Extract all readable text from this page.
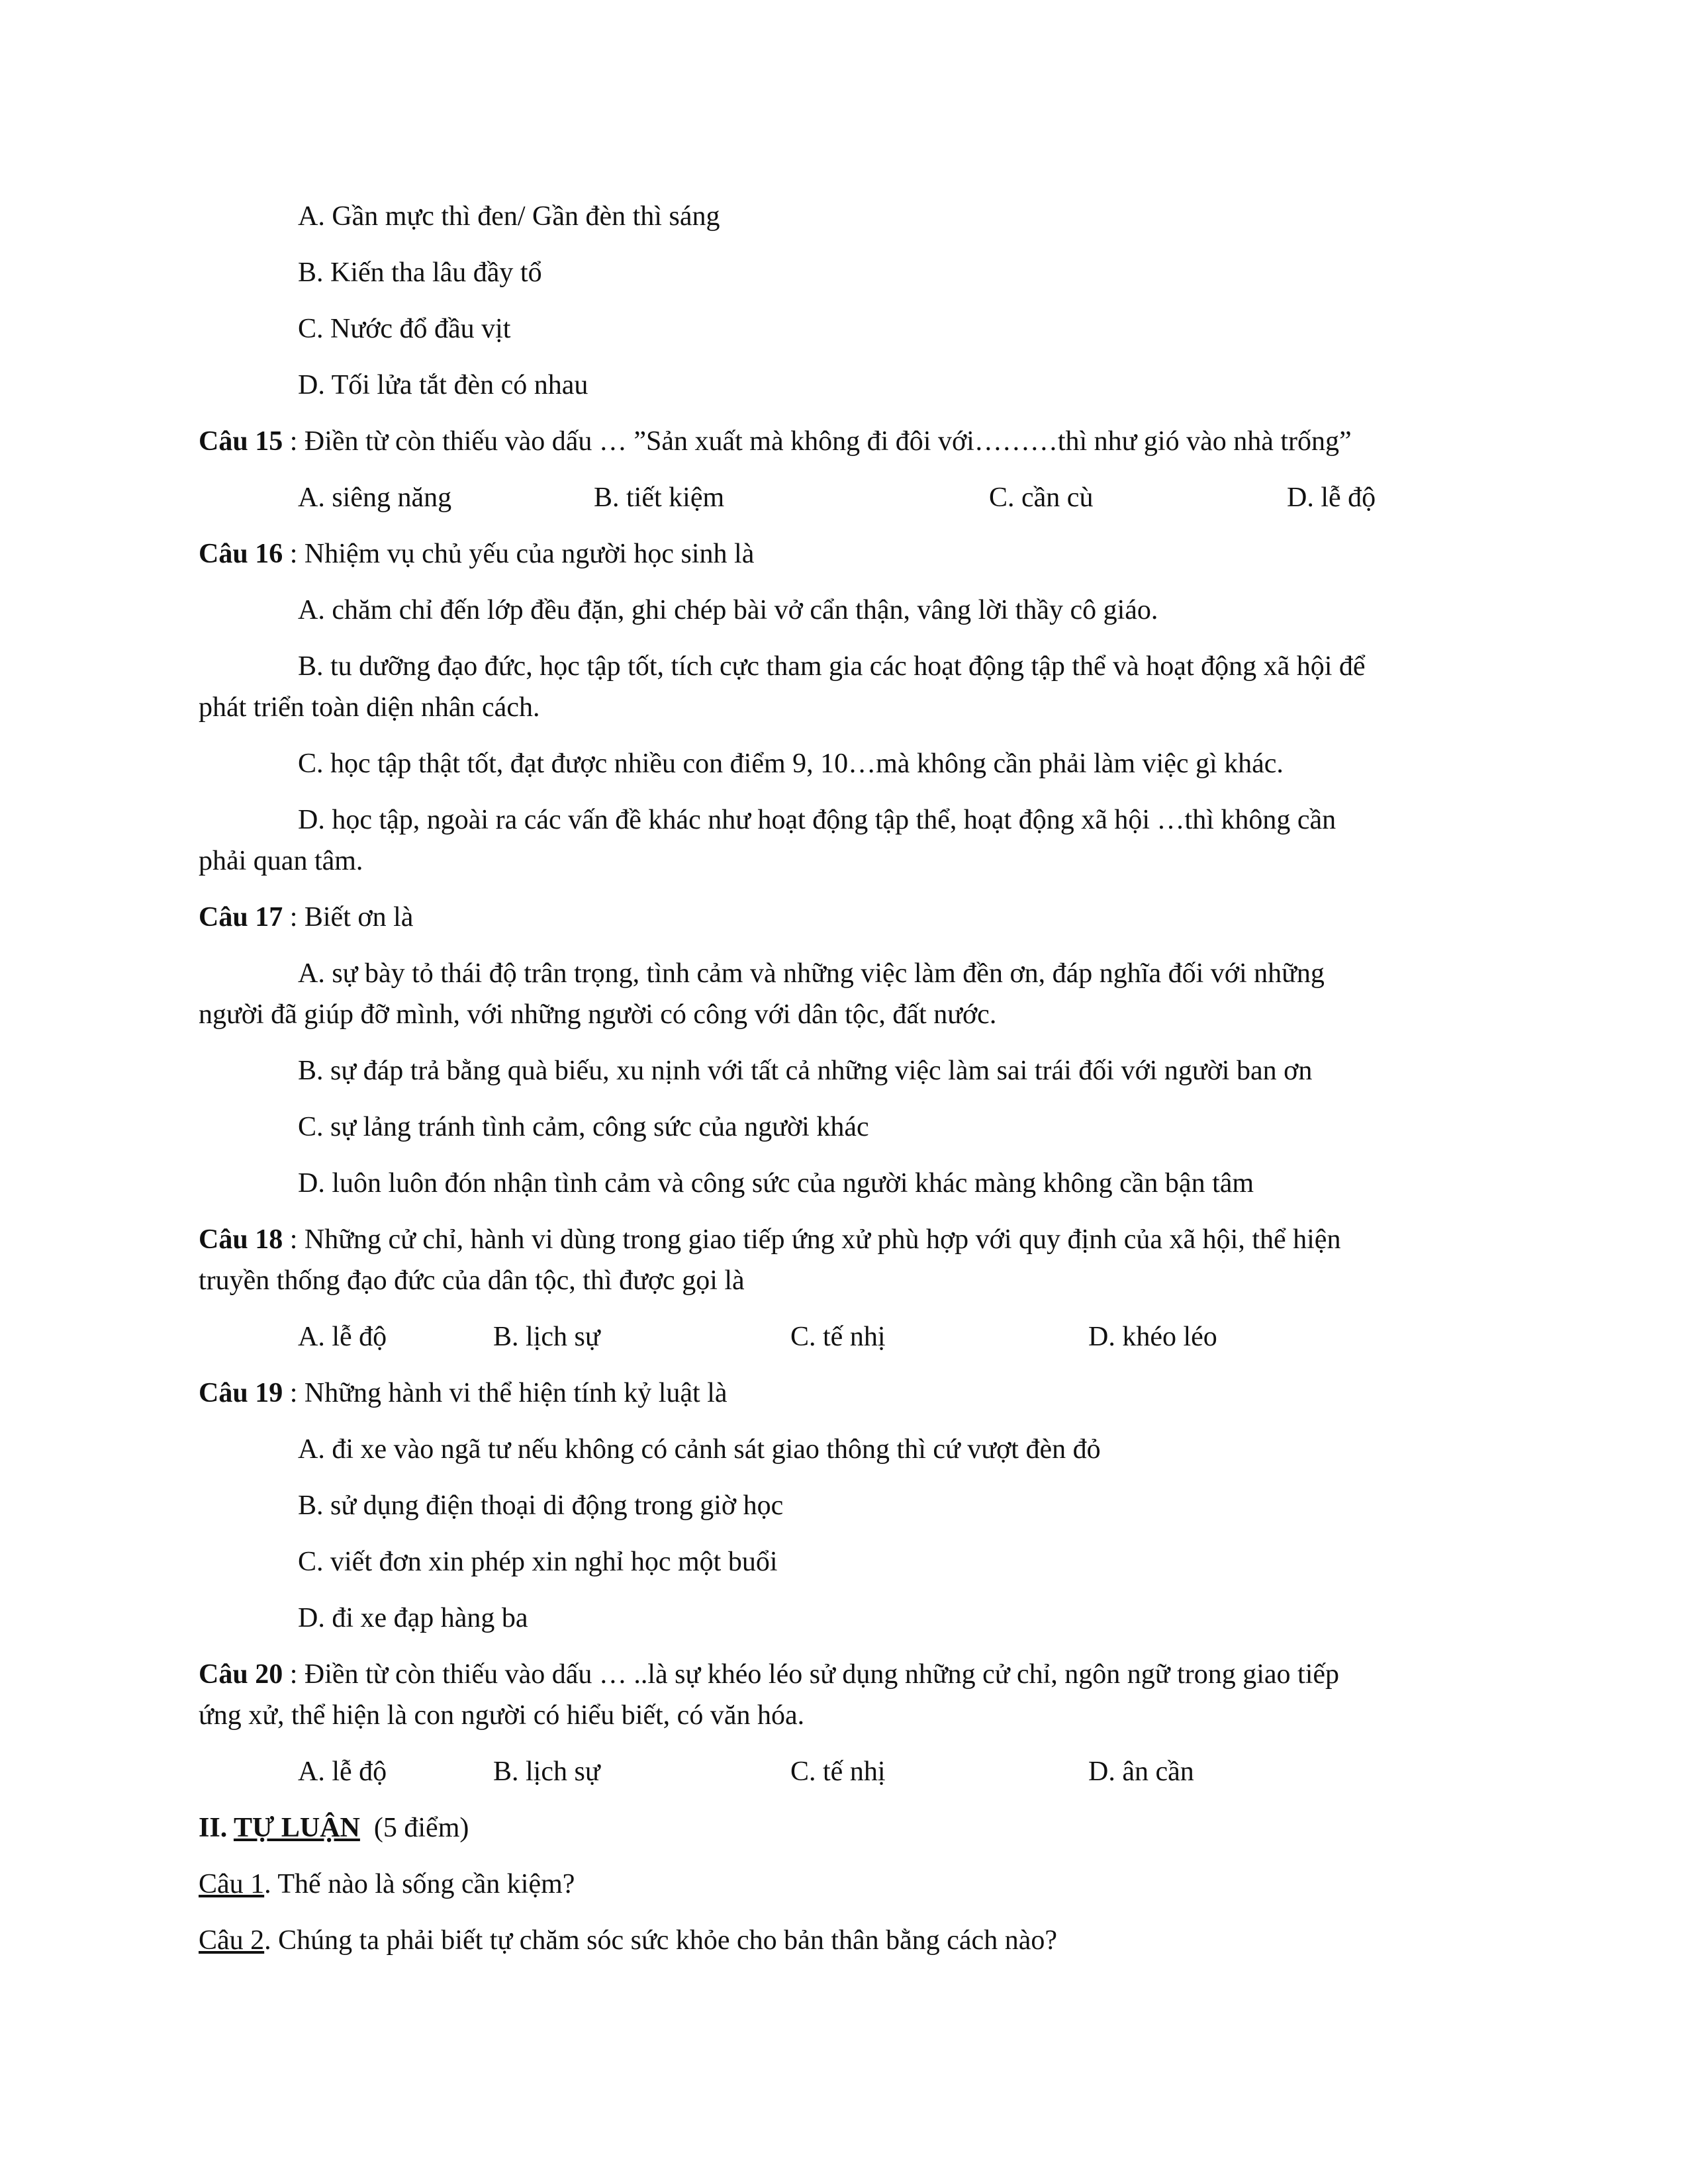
A. Gần mực thì đen/ Gần đèn thì sáng
B. Kiến tha lâu đầy tổ
C. Nước đổ đầu vịt
D. Tối lửa tắt đèn có nhau
Câu 15 : Điền từ còn thiếu vào dấu … ”Sản xuất mà không đi đôi với………thì như gió vào nhà trống”
A. siêng năng	B. tiết kiệm	C. cần cù	D. lễ độ
Câu 16 : Nhiệm vụ chủ yếu của người học sinh là
A. chăm chỉ đến lớp đều đặn, ghi chép bài vở cẩn thận, vâng lời thầy cô giáo.
B. tu dưỡng đạo đức, học tập tốt, tích cực tham gia các hoạt động tập thể và hoạt động xã hội để
phát triển toàn diện nhân cách.
C. học tập thật tốt, đạt được nhiều con điểm 9, 10…mà không cần phải làm việc gì khác.
D. học tập, ngoài ra các vấn đề khác như hoạt động tập thể, hoạt động xã hội …thì không cần
phải quan tâm.
Câu 17 : Biết ơn là
A. sự bày tỏ thái độ trân trọng, tình cảm và những việc làm đền ơn, đáp nghĩa đối với những
người đã giúp đỡ mình, với những người có công với dân tộc, đất nước.
B. sự đáp trả bằng quà biếu, xu nịnh với tất cả những việc làm sai trái đối với người ban ơn
C. sự lảng tránh tình cảm, công sức của người khác
D. luôn luôn đón nhận tình cảm và công sức của người khác màng không cần bận tâm
Câu 18 : Những cử chỉ, hành vi dùng trong giao tiếp ứng xử phù hợp với quy định của xã hội, thể hiện
truyền thống đạo đức của dân tộc, thì được gọi là
A. lễ độ	B. lịch sự	C. tế nhị	D. khéo léo
Câu 19 : Những hành vi thể hiện tính kỷ luật là
A. đi xe vào ngã tư nếu không có cảnh sát giao thông thì cứ vượt đèn đỏ
B. sử dụng điện thoại di động trong giờ học
C. viết đơn xin phép xin nghỉ học một buổi
D. đi xe đạp hàng ba
Câu 20 : Điền từ còn thiếu vào dấu … ..là sự khéo léo sử dụng những cử chỉ, ngôn ngữ trong giao tiếp
ứng xử, thể hiện là con người có hiểu biết, có văn hóa.
A. lễ độ	B. lịch sự	C. tế nhị	D. ân cần
II. TỰ LUẬN  (5 điểm)
Câu 1. Thế nào là sống cần kiệm?
Câu 2. Chúng ta phải biết tự chăm sóc sức khỏe cho bản thân bằng cách nào?
